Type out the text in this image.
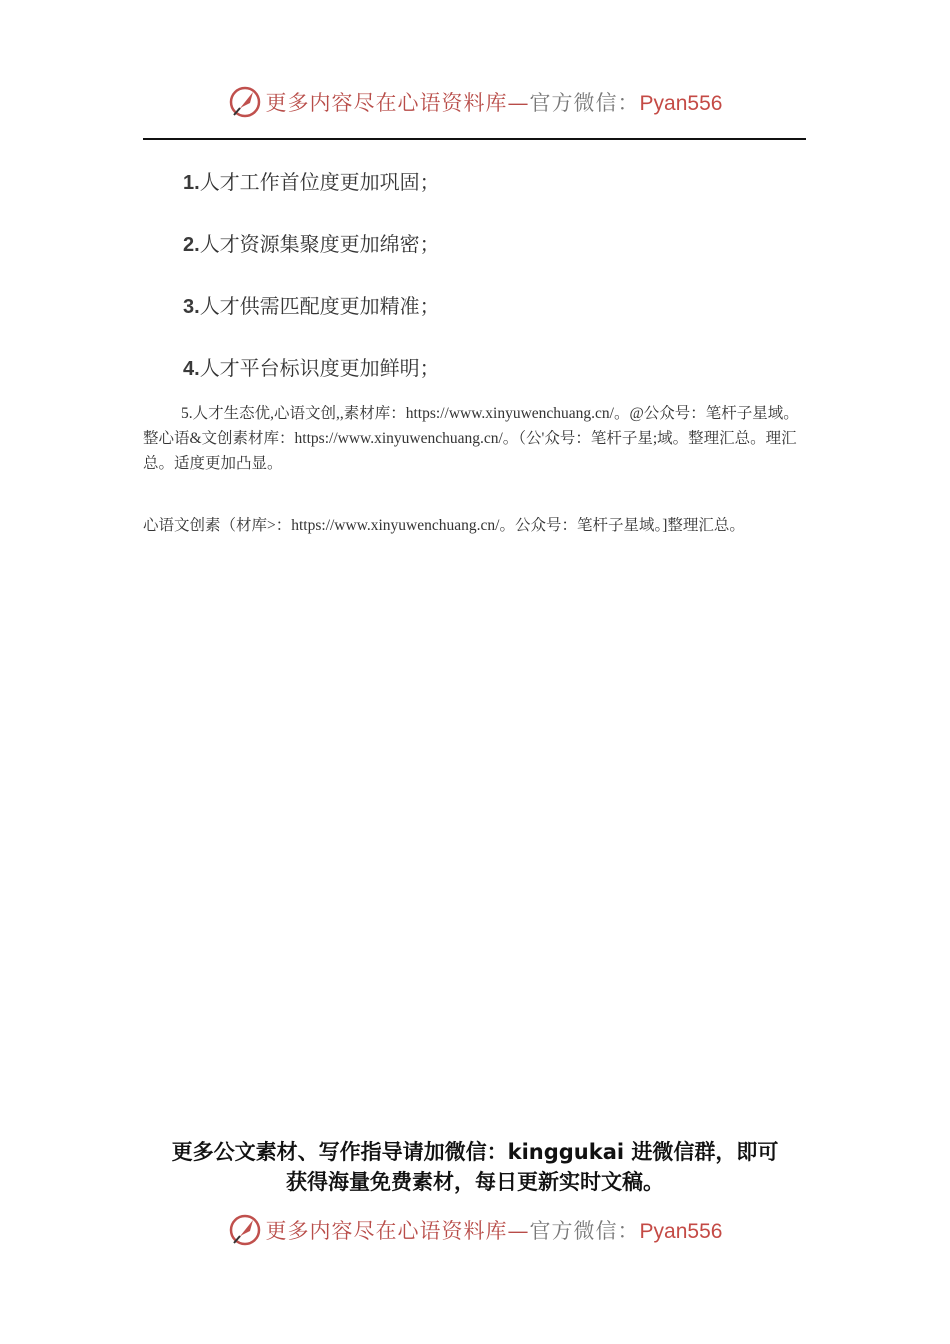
更多内容尽在心语资料库—官方微信：Pyan556
1.人才工作首位度更加巩固；
2.人才资源集聚度更加绵密；
3.人才供需匹配度更加精准；
4.人才平台标识度更加鲜明；
5.人才生态优,心语文创,,素材库：https://www.xinyuwenchuang.cn/。@公众号：笔杆子星域。整心语&文创素材库：https://www.xinyuwenchuang.cn/。（公'众号：笔杆子星;域。整理汇总。理汇总。适度更加凸显。
心语文创素（材库>：https://www.xinyuwenchuang.cn/。公众号：笔杆子星域。]整理汇总。
更多公文素材、写作指导请加微信：kinggukai 进微信群，即可
获得海量免费素材，每日更新实时文稿。
更多内容尽在心语资料库—官方微信：Pyan556
